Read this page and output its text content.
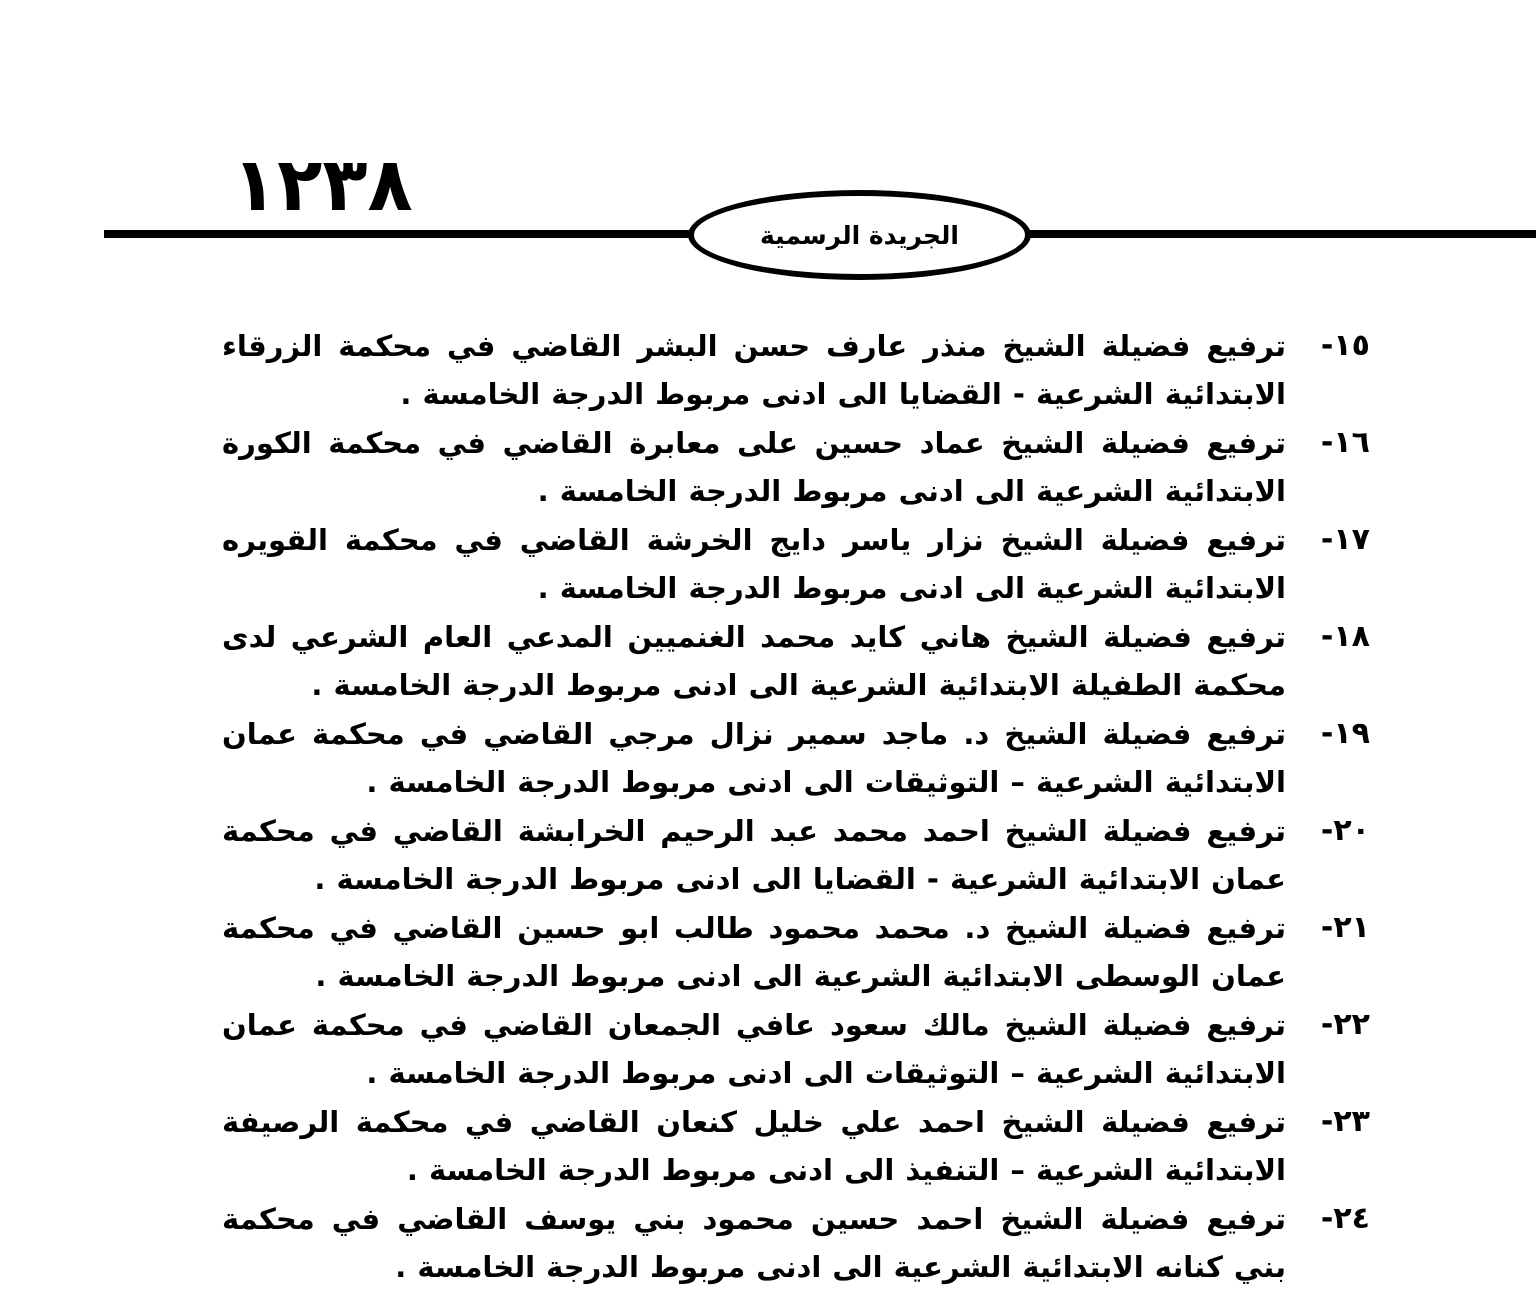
١٢٣٨
الجريدة الرسمية
١٥-
ترفيع فضيلة الشيخ منذر عارف حسن البشر القاضي في محكمة الزرقاء الابتدائية الشرعية - القضايا الى ادنى مربوط الدرجة الخامسة .
١٦-
ترفيع فضيلة الشيخ عماد حسين على معابرة القاضي في محكمة الكورة الابتدائية الشرعية الى ادنى مربوط الدرجة الخامسة .
١٧-
ترفيع فضيلة الشيخ نزار ياسر دايج الخرشة القاضي في محكمة القويره الابتدائية الشرعية الى ادنى مربوط الدرجة الخامسة .
١٨-
ترفيع فضيلة الشيخ هاني كايد محمد الغنميين المدعي العام الشرعي لدى محكمة الطفيلة الابتدائية الشرعية الى ادنى مربوط الدرجة الخامسة .
١٩-
ترفيع فضيلة الشيخ د. ماجد سمير نزال مرجي القاضي في محكمة عمان الابتدائية الشرعية – التوثيقات الى ادنى مربوط الدرجة الخامسة .
٢٠-
ترفيع فضيلة الشيخ احمد محمد عبد الرحيم الخرابشة القاضي في محكمة عمان الابتدائية الشرعية - القضايا الى ادنى مربوط الدرجة الخامسة .
٢١-
ترفيع فضيلة الشيخ د. محمد محمود طالب ابو حسين القاضي في محكمة عمان الوسطى الابتدائية الشرعية الى ادنى مربوط الدرجة الخامسة .
٢٢-
ترفيع فضيلة الشيخ مالك سعود عافي الجمعان القاضي في محكمة عمان الابتدائية الشرعية – التوثيقات الى ادنى مربوط الدرجة الخامسة .
٢٣-
ترفيع فضيلة الشيخ احمد علي خليل كنعان القاضي في محكمة الرصيفة الابتدائية الشرعية – التنفيذ الى ادنى مربوط الدرجة الخامسة .
٢٤-
ترفيع فضيلة الشيخ احمد حسين محمود بني يوسف القاضي في محكمة بني كنانه الابتدائية الشرعية الى ادنى مربوط الدرجة الخامسة .
